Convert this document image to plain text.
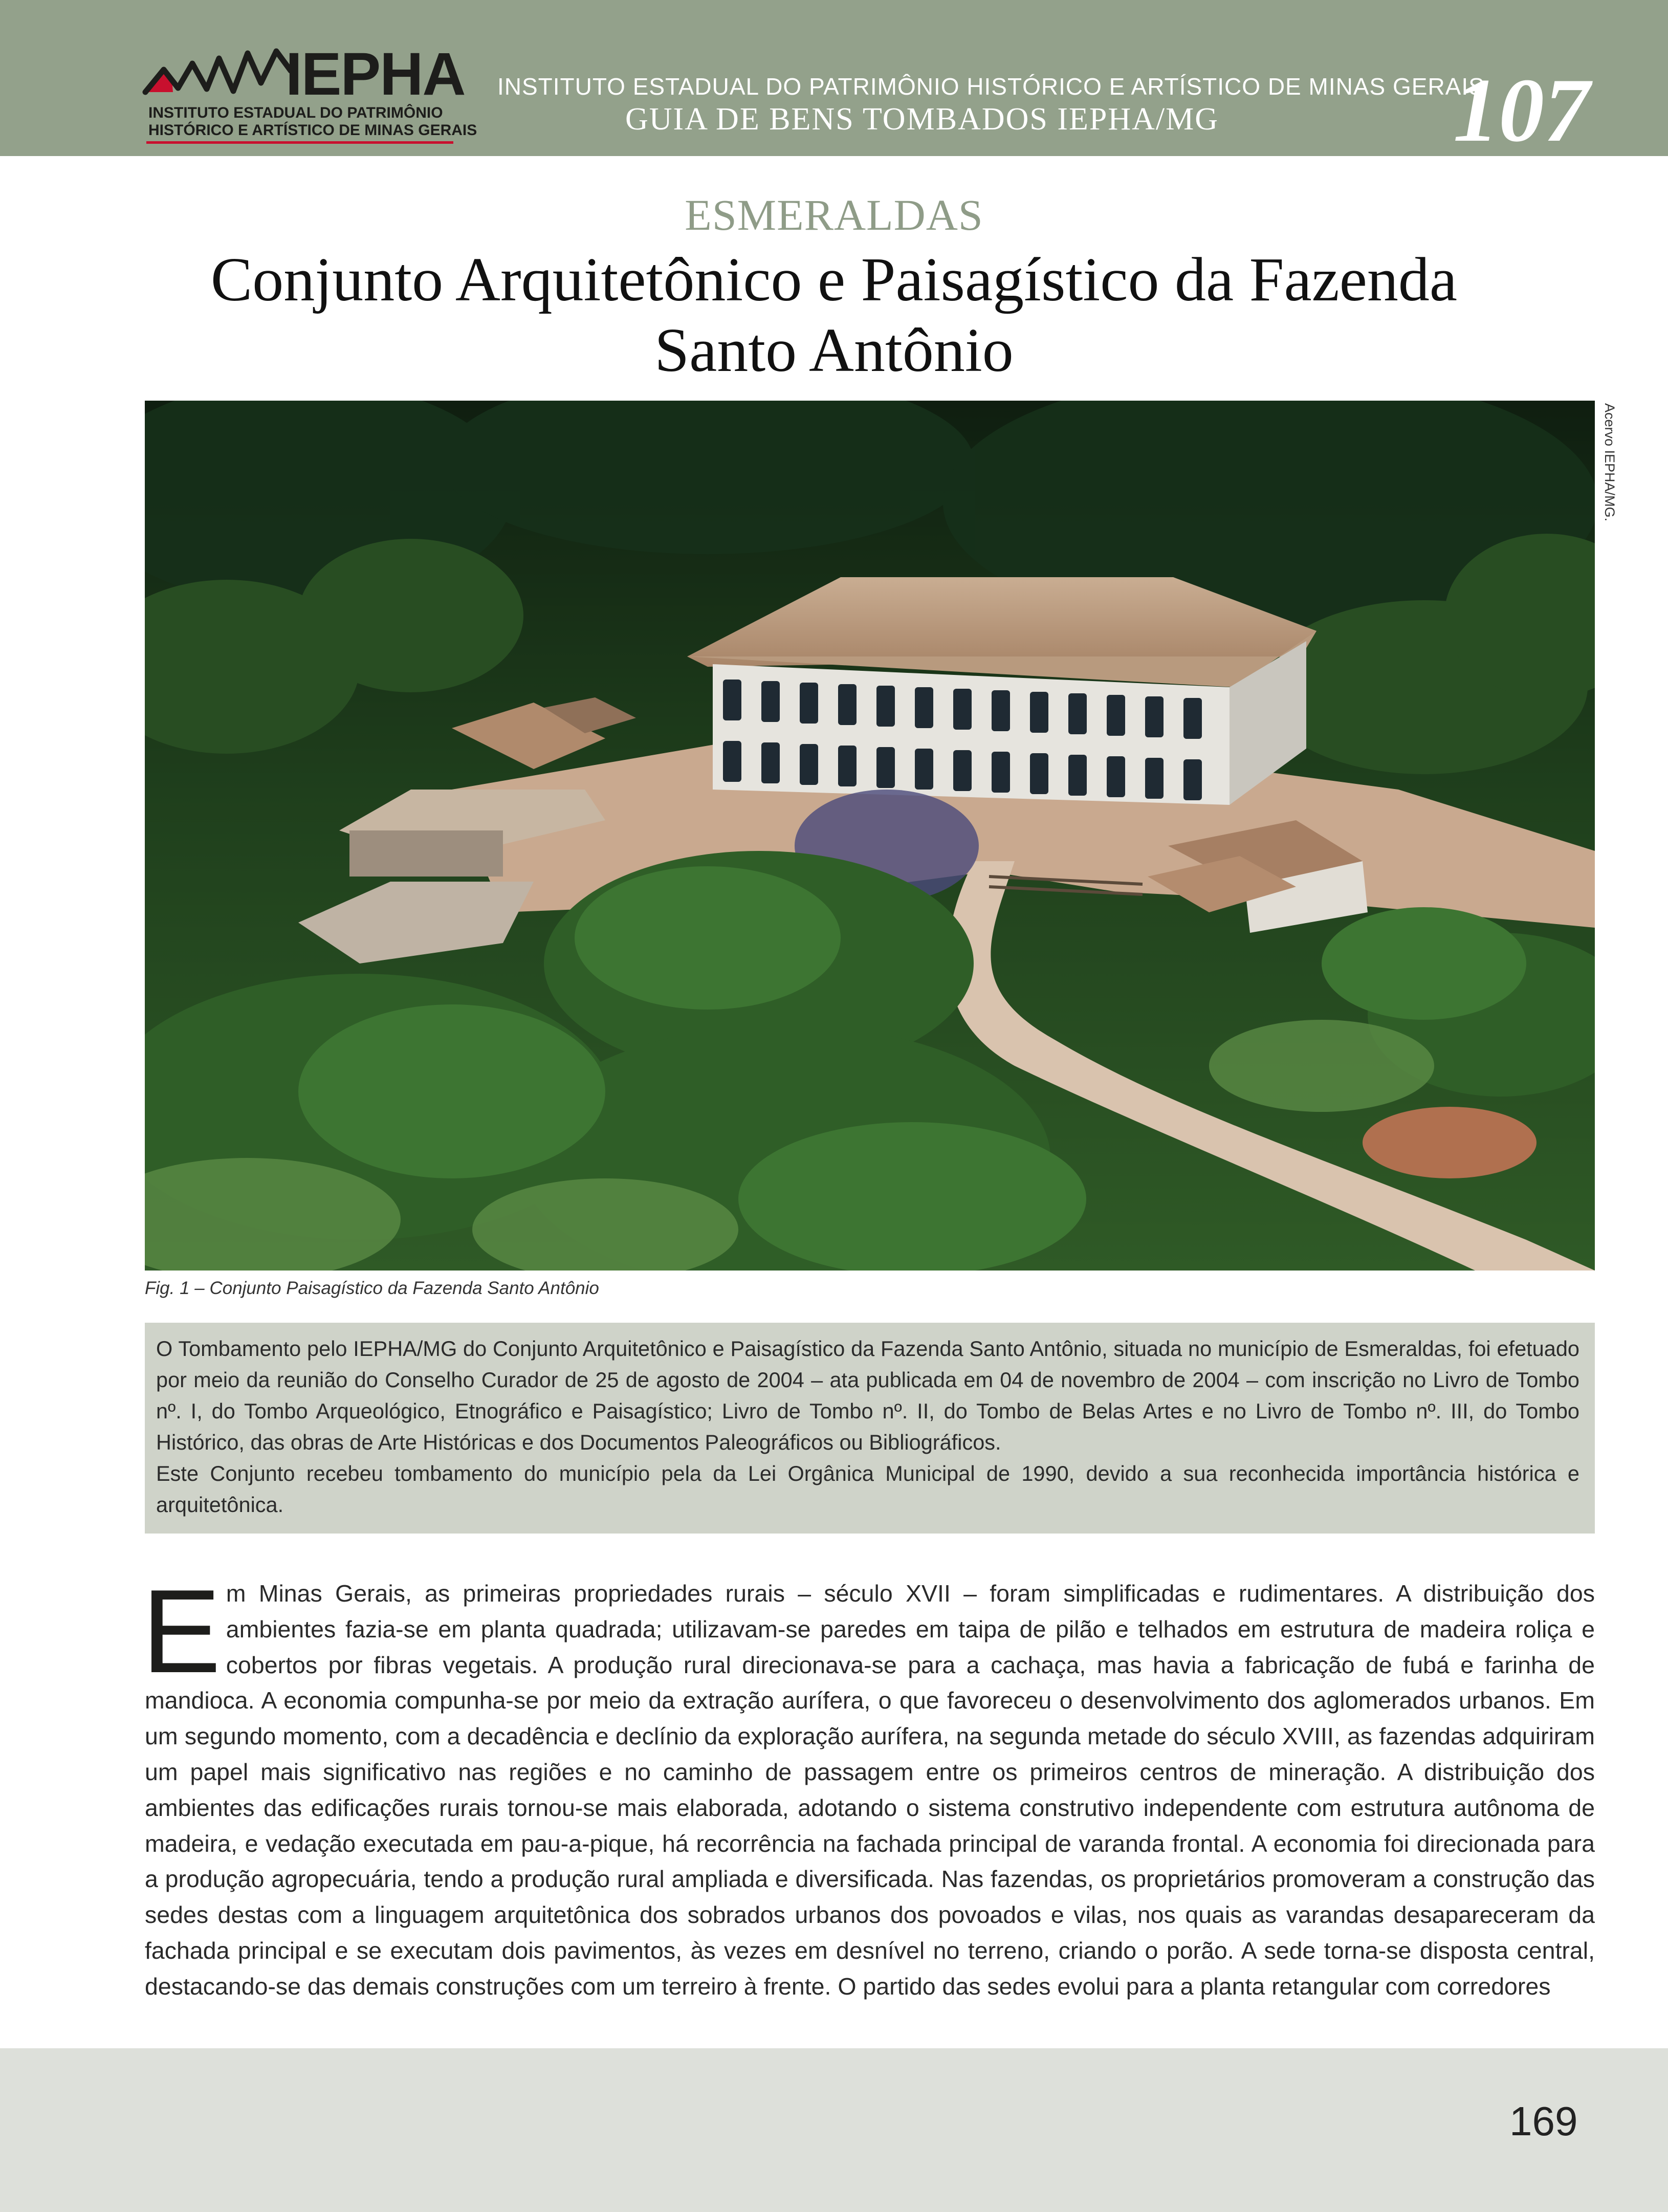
IEPHA
INSTITUTO ESTADUAL DO PATRIMÔNIO
HISTÓRICO E ARTÍSTICO DE MINAS GERAIS
INSTITUTO ESTADUAL DO PATRIMÔNIO HISTÓRICO E ARTÍSTICO DE MINAS GERAIS
GUIA DE BENS TOMBADOS IEPHA/MG	107
ESMERALDAS
Conjunto Arquitetônico e Paisagístico da Fazenda
Santo Antônio
Acervo IEPHA/MG.
Fig. 1 – Conjunto Paisagístico da Fazenda Santo Antônio

O Tombamento pelo IEPHA/MG do Conjunto Arquitetônico e Paisagístico da Fazenda Santo Antônio, situada no município de Esmeraldas, foi efetuado por meio da reunião do Conselho Curador de 25 de agosto de 2004 – ata publicada em 04 de novembro de 2004 – com inscrição no Livro de Tombo nº. I, do Tombo Arqueológico, Etnográfico e Paisagístico; Livro de Tombo nº. II, do Tombo de Belas Artes e no Livro de Tombo nº. III, do Tombo Histórico, das obras de Arte Históricas e dos Documentos Paleográficos ou Bibliográficos.

Este Conjunto recebeu tombamento do município pela da Lei Orgânica Municipal de 1990, devido a sua reconhecida importância histórica e arquitetônica.

Em Minas Gerais, as primeiras propriedades rurais – século XVII – foram simplificadas e rudimentares. A distribuição dos ambientes fazia-se em planta quadrada; utilizavam-se paredes em taipa de pilão e telhados em estrutura de madeira roliça e cobertos por fibras vegetais. A produção rural direcionava-se para a cachaça, mas havia a fabricação de fubá e farinha de mandioca. A economia compunha-se por meio da extração aurífera, o que favoreceu o desenvolvimento dos aglomerados urbanos. Em um segundo momento, com a decadência e declínio da exploração aurífera, na segunda metade do século XVIII, as fazendas adquiriram um papel mais significativo nas regiões e no caminho de passagem entre os primeiros centros de mineração. A distribuição dos ambientes das edificações rurais tornou-se mais elaborada, adotando o sistema construtivo independente com estrutura autônoma de madeira, e vedação executada em pau-a-pique, há recorrência na fachada principal de varanda frontal. A economia foi direcionada para a produção agropecuária, tendo a produção rural ampliada e diversificada. Nas fazendas, os proprietários promoveram a construção das sedes destas com a linguagem arquitetônica dos sobrados urbanos dos povoados e vilas, nos quais as varandas desapareceram da fachada principal e se executam dois pavimentos, às vezes em desnível no terreno, criando o porão. A sede torna-se disposta central, destacando-se das demais construções com um terreiro à frente. O partido das sedes evolui para a planta retangular com corredores

169
